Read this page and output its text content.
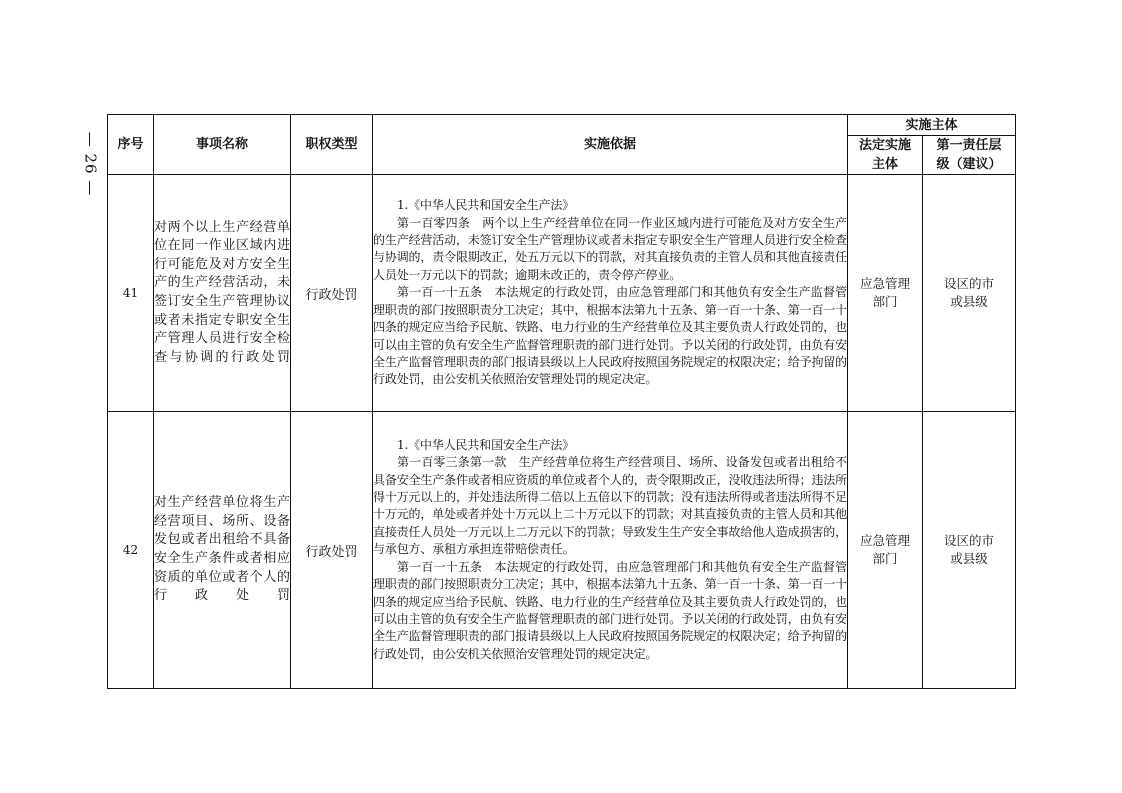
— 26 — 序号	事项名称	职权类型	实施依据	实施主体	
				法定实施主体	第一责任层级（建议）
41	对两个以上生产经营单位在同一作业区域内进行可能危及对方安全生产的生产经营活动，未签订安全生产管理协议或者未指定专职安全生产管理人员进行安全检查与协调的行政处罚	行政处罚	1.《中华人民共和国安全生产法》

第一百零四条　两个以上生产经营单位在同一作业区域内进行可能危及对方安全生产的生产经营活动，未签订安全生产管理协议或者未指定专职安全生产管理人员进行安全检查与协调的，责令限期改正，处五万元以下的罚款，对其直接负责的主管人员和其他直接责任人员处一万元以下的罚款；逾期未改正的，责令停产停业。

第一百一十五条　本法规定的行政处罚，由应急管理部门和其他负有安全生产监督管理职责的部门按照职责分工决定；其中，根据本法第九十五条、第一百一十条、第一百一十四条的规定应当给予民航、铁路、电力行业的生产经营单位及其主要负责人行政处罚的，也可以由主管的负有安全生产监督管理职责的部门进行处罚。予以关闭的行政处罚，由负有安全生产监督管理职责的部门报请县级以上人民政府按照国务院规定的权限决定；给予拘留的行政处罚，由公安机关依照治安管理处罚的规定决定。	应急管理部门	设区的市或县级
42	对生产经营单位将生产经营项目、场所、设备发包或者出租给不具备安全生产条件或者相应资质的单位或者个人的行政处罚	行政处罚	1.《中华人民共和国安全生产法》

第一百零三条第一款　生产经营单位将生产经营项目、场所、设备发包或者出租给不具备安全生产条件或者相应资质的单位或者个人的，责令限期改正，没收违法所得；违法所得十万元以上的，并处违法所得二倍以上五倍以下的罚款；没有违法所得或者违法所得不足十万元的，单处或者并处十万元以上二十万元以下的罚款；对其直接负责的主管人员和其他直接责任人员处一万元以上二万元以下的罚款；导致发生生产安全事故给他人造成损害的，与承包方、承租方承担连带赔偿责任。

第一百一十五条　本法规定的行政处罚，由应急管理部门和其他负有安全生产监督管理职责的部门按照职责分工决定；其中，根据本法第九十五条、第一百一十条、第一百一十四条的规定应当给予民航、铁路、电力行业的生产经营单位及其主要负责人行政处罚的，也可以由主管的负有安全生产监督管理职责的部门进行处罚。予以关闭的行政处罚，由负有安全生产监督管理职责的部门报请县级以上人民政府按照国务院规定的权限决定；给予拘留的行政处罚，由公安机关依照治安管理处罚的规定决定。	应急管理部门	设区的市或县级
